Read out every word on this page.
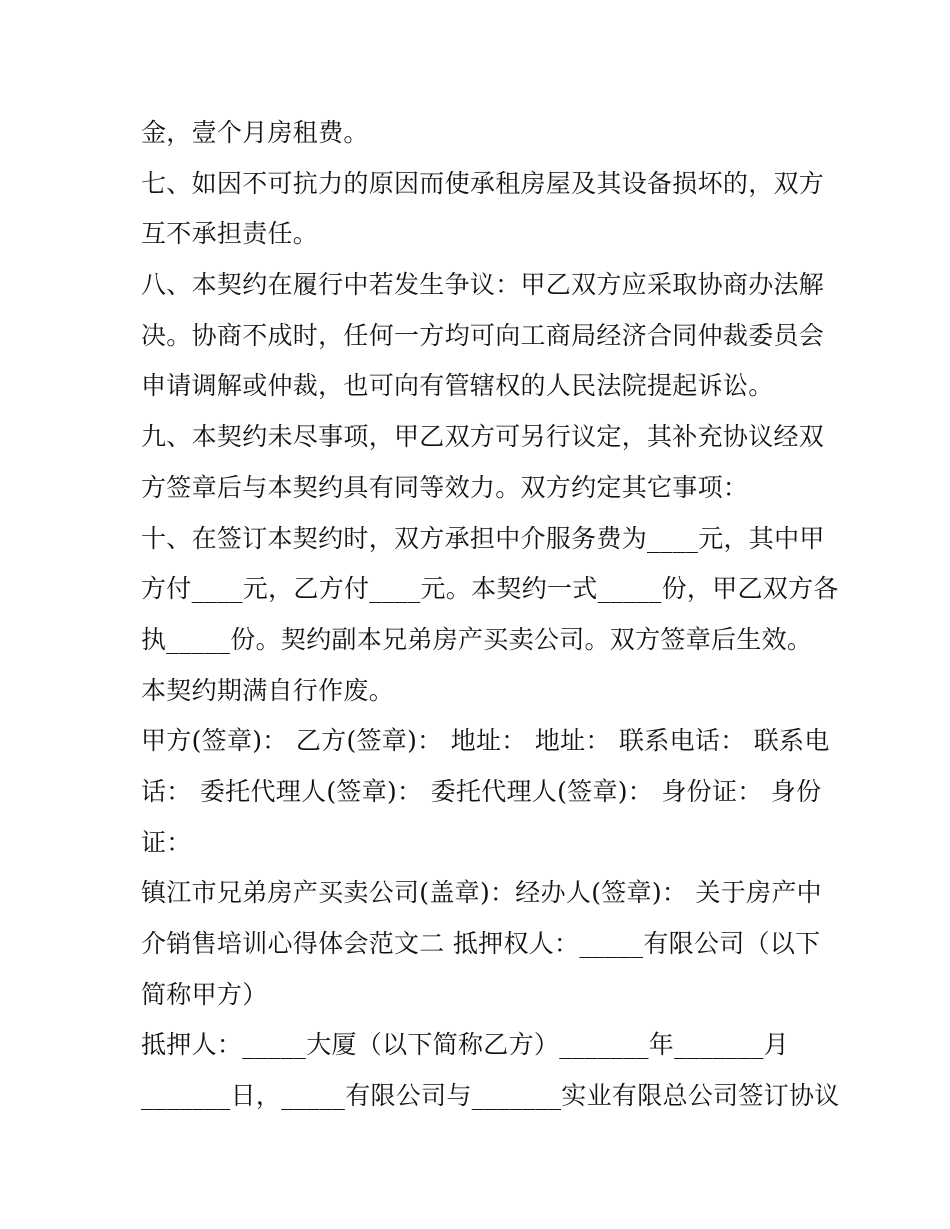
金，壹个月房租费。
七、如因不可抗力的原因而使承租房屋及其设备损坏的，双方
互不承担责任。
八、本契约在履行中若发生争议：甲乙双方应采取协商办法解
决。协商不成时，任何一方均可向工商局经济合同仲裁委员会
申请调解或仲裁，也可向有管辖权的人民法院提起诉讼。
九、本契约未尽事项，甲乙双方可另行议定，其补充协议经双
方签章后与本契约具有同等效力。双方约定其它事项：
十、在签订本契约时，双方承担中介服务费为____元，其中甲
方付____元，乙方付____元。本契约一式_____份，甲乙双方各
执_____份。契约副本兄弟房产买卖公司。双方签章后生效。
本契约期满自行作废。
甲方(签章)： 乙方(签章)： 地址： 地址： 联系电话： 联系电
话： 委托代理人(签章)： 委托代理人(签章)： 身份证： 身份
证：
镇江市兄弟房产买卖公司(盖章)：经办人(签章)： 关于房产中
介销售培训心得体会范文二 抵押权人：_____有限公司（以下
简称甲方）
抵押人：_____大厦（以下简称乙方）_______年_______月
_______日，_____有限公司与_______实业有限总公司签订协议
